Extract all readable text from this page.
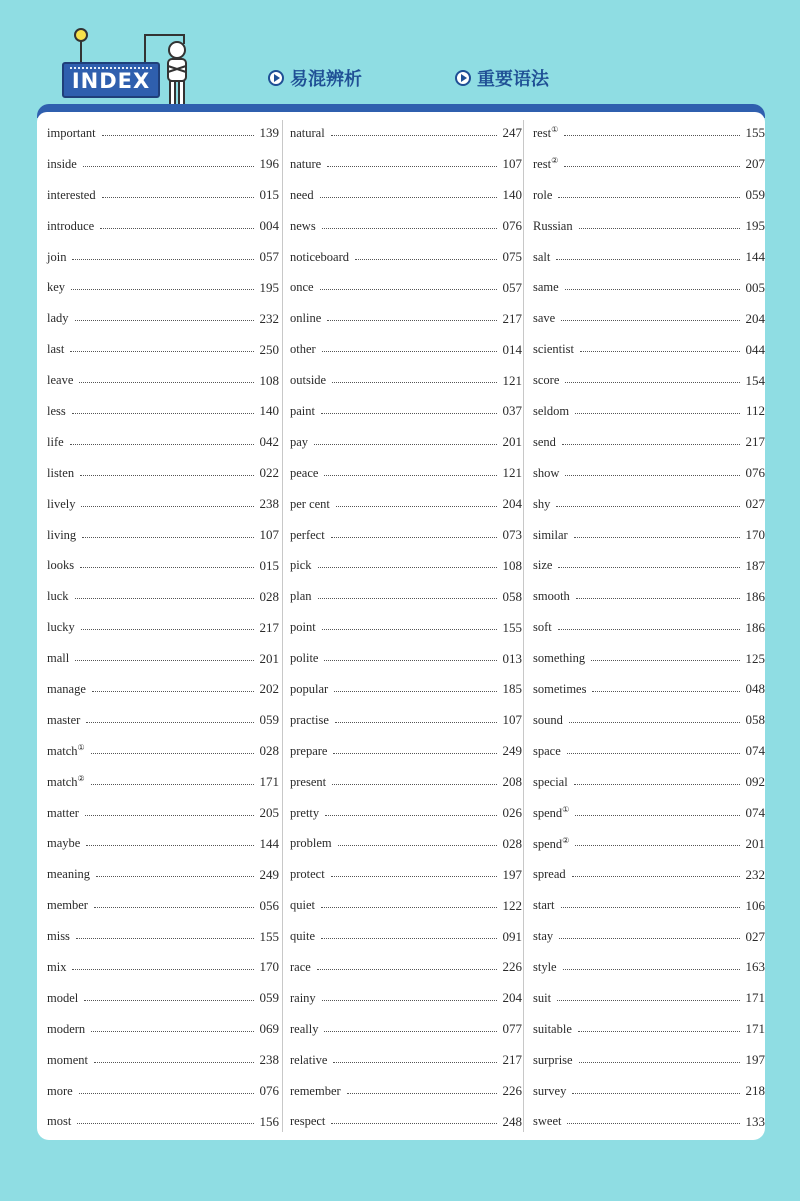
INDEX	易混辨析	重要语法
important	139
inside	196
interested	015
introduce	004
join	057
key	195
lady	232
last	250
leave	108
less	140
life	042
listen	022
lively	238
living	107
looks	015
luck	028
lucky	217
mall	201
manage	202
master	059
match①	028
match②	171
matter	205
maybe	144
meaning	249
member	056
miss	155
mix	170
model	059
modern	069
moment	238
more	076
most	156
natural	247
nature	107
need	140
news	076
noticeboard	075
once	057
online	217
other	014
outside	121
paint	037
pay	201
peace	121
per cent	204
perfect	073
pick	108
plan	058
point	155
polite	013
popular	185
practise	107
prepare	249
present	208
pretty	026
problem	028
protect	197
quiet	122
quite	091
race	226
rainy	204
really	077
relative	217
remember	226
respect	248
rest①	155
rest②	207
role	059
Russian	195
salt	144
same	005
save	204
scientist	044
score	154
seldom	112
send	217
show	076
shy	027
similar	170
size	187
smooth	186
soft	186
something	125
sometimes	048
sound	058
space	074
special	092
spend①	074
spend②	201
spread	232
start	106
stay	027
style	163
suit	171
suitable	171
surprise	197
survey	218
sweet	133
